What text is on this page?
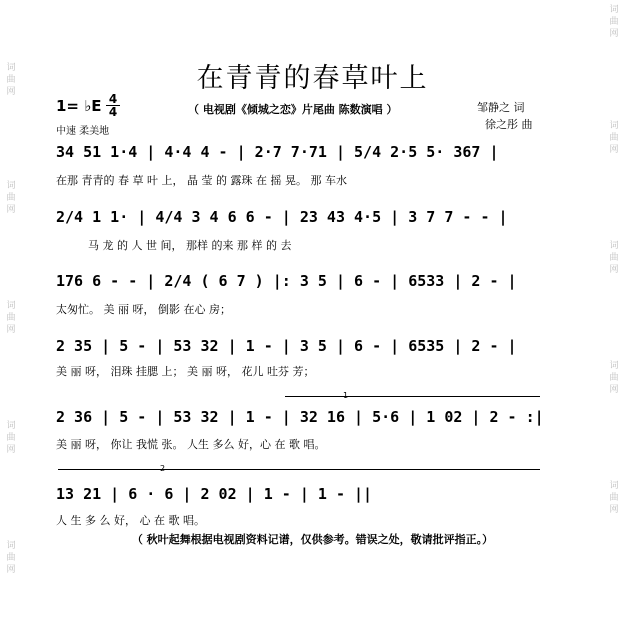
词
曲
网
词
曲
网
词
曲
网
词
曲
网
词
曲
网
词
曲
网
词
曲
网
词
曲
网
词
曲
网
词
曲
网
在青青的春草叶上
1= ♭E 4
4
中速 柔美地
（ 电视剧《倾城之恋》片尾曲 陈数演唱 ）	邹静之 词
徐之彤 曲
34 51 1·4 | 4·4 4 - | 2·7 7·71 | 5/4 2·5 5· 367 |
在那 青青的 春 草 叶 上， 晶 莹 的 露珠 在 摇 晃。 那 车水
2/4 1 1· | 4/4 3 4 6 6 - | 23 43 4·5 | 3 7 7 - - |
马 龙 的 人 世 间， 那样 的来 那 样 的 去
176 6 - - | 2/4 ( 6 7 ) |: 3 5 | 6 - | 6533 | 2 - |
太匆忙。 美 丽 呀， 倒影 在心 房；
2 35 | 5 - | 53 32 | 1 - | 3 5 | 6 - | 6535 | 2 - |
美 丽 呀， 泪珠 挂腮 上； 美 丽 呀， 花儿 吐芬 芳；
1
2 36 | 5 - | 53 32 | 1 - | 32 16 | 5·6 | 1 02 | 2 - :|
美 丽 呀， 你让 我慌 张。 人生 多么 好，心 在 歌 唱。
2
13 21 | 6 · 6 | 2 02 | 1 - | 1 - ||
人 生 多 么 好， 心 在 歌 唱。
（ 秋叶起舞根据电视剧资料记谱，仅供参考。错误之处，敬请批评指正。）
